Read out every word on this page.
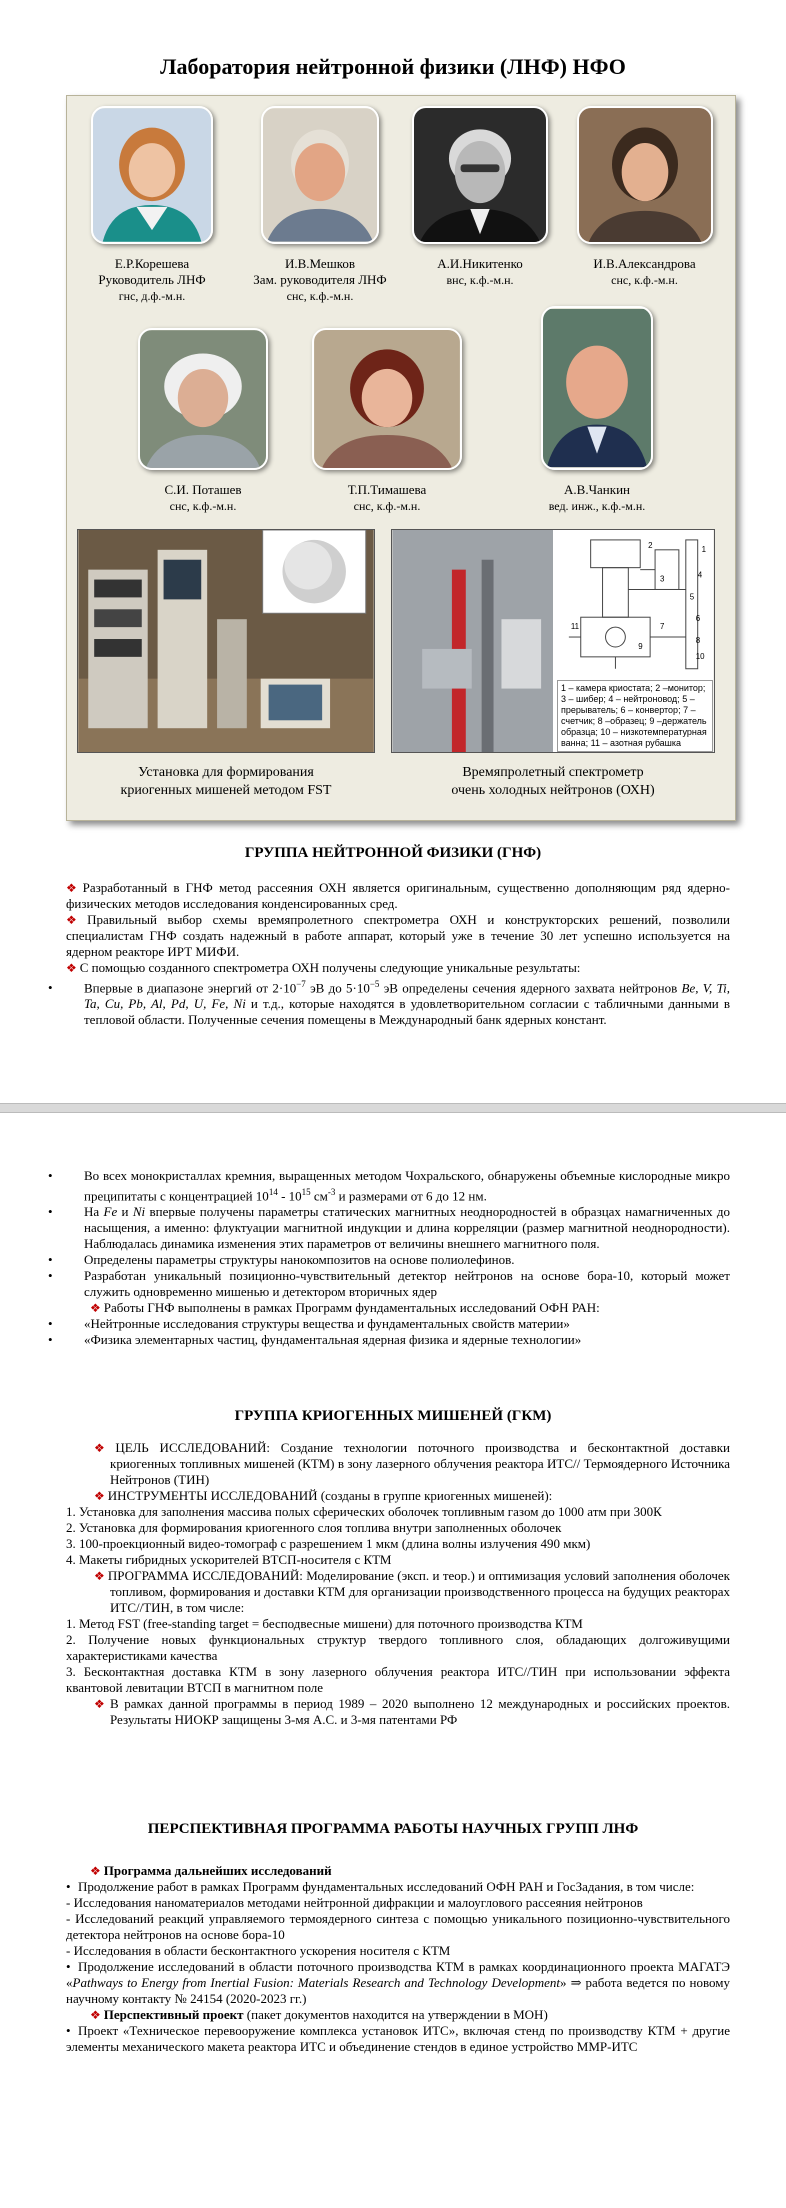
Лаборатория нейтронной физики (ЛНФ) НФО
Е.Р.Корешева
Руководитель ЛНФ
гнс, д.ф.-м.н.
И.В.Мешков
Зам. руководителя ЛНФ
снс, к.ф.-м.н.
А.И.Никитенко
внс, к.ф.-м.н.
И.В.Александрова
снс, к.ф.-м.н.
С.И. Поташев
снс, к.ф.-м.н.
Т.П.Тимашева
снс, к.ф.-м.н.
А.В.Чанкин
вед. инж., к.ф.-м.н.
1
2
3	4
5
6
7
8
9
10
11
1 – камера криостата; 2 –монитор; 3 – шибер; 4 – нейтроновод; 5 – прерыватель; 6 – конвертор; 7 – счетчик; 8 –образец; 9 –держатель образца; 10 – низкотемпературная ванна; 11 – азотная рубашка
Установка для формирования
криогенных мишеней методом FST
Времяпролетный спектрометр
очень холодных нейтронов (ОХН)
ГРУППА НЕЙТРОННОЙ ФИЗИКИ (ГНФ)

❖ Разработанный в ГНФ метод рассеяния ОХН является оригинальным, существенно дополняющим ряд ядерно-физических методов исследования конденсированных сред.

❖ Правильный выбор схемы времяпролетного спектрометра ОХН и конструкторских решений, позволили специалистам ГНФ создать надежный в работе аппарат, который уже в течение 30 лет успешно используется на ядерном реакторе ИРТ МИФИ.

❖ С помощью созданного спектрометра ОХН получены следующие уникальные результаты:

• Впервые в диапазоне энергий от $2\cdot 10^{-7}$ эВ до $5\cdot 10^{-5}$ эВ определены сечения ядерного захвата нейтронов Be, V, Ti, Ta, Cu, Pb, Al, Pd, U, Fe, Ni и т.д., которые находятся в удовлетворительном согласии с табличными данными в тепловой области. Полученные сечения помещены в Международный банк ядерных констант.

• Во всех монокристаллах кремния, выращенных методом Чохральского, обнаружены объемные кислородные микро преципитаты с концентрацией $10^{14} - 10^{15}$ $см^{-3}$ и размерами от 6 до 12 нм.

• На Fe и Ni впервые получены параметры статических магнитных неоднородностей в образцах намагниченных до насыщения, а именно: флуктуации магнитной индукции и длина корреляции (размер магнитной неоднородности). Наблюдалась динамика изменения этих параметров от величины внешнего магнитного поля.

• Определены параметры структуры нанокомпозитов на основе полиолефинов.

• Разработан уникальный позиционно-чувствительный детектор нейтронов на основе бора-10, который может служить одновременно мишенью и детектором вторичных ядер

❖ Работы ГНФ выполнены в рамках Программ фундаментальных исследований ОФН РАН:

• «Нейтронные исследования структуры вещества и фундаментальных свойств материи»

• «Физика элементарных частиц, фундаментальная ядерная физика и ядерные технологии»

ГРУППА КРИОГЕННЫХ МИШЕНЕЙ (ГКМ)

❖ ЦЕЛЬ ИССЛЕДОВАНИЙ: Создание технологии поточного производства и бесконтактной доставки криогенных топливных мишеней (КТМ) в зону лазерного облучения реактора ИТС// Термоядерного Источника Нейтронов (ТИН)

❖ ИНСТРУМЕНТЫ ИССЛЕДОВАНИЙ (созданы в группе криогенных мишеней):

1. Установка для заполнения массива полых сферических оболочек топливным газом до 1000 атм при 300К

2. Установка для формирования криогенного слоя топлива внутри заполненных оболочек

3. 100-проекционный видео-томограф с разрешением 1 мкм (длина волны излучения 490 мкм)

4. Макеты гибридных ускорителей ВТСП-носителя с КТМ

❖ ПРОГРАММА ИССЛЕДОВАНИЙ: Моделирование (эксп. и теор.) и оптимизация условий заполнения оболочек топливом, формирования и доставки КТМ для организации производственного процесса на будущих реакторах ИТС//ТИН, в том числе:

1. Метод FST (free-standing target = бесподвесные мишени) для поточного производства КТМ

2. Получение новых функциональных структур твердого топливного слоя, обладающих долгоживущими характеристиками качества

3. Бесконтактная доставка КТМ в зону лазерного облучения реактора ИТС//ТИН при использовании эффекта квантовой левитации ВТСП в магнитном поле

❖ В рамках данной программы в период 1989 – 2020 выполнено 12 международных и российских проектов. Результаты НИОКР защищены 3-мя А.С. и 3-мя патентами РФ

ПЕРСПЕКТИВНАЯ ПРОГРАММА РАБОТЫ НАУЧНЫХ ГРУПП ЛНФ

❖ Программа дальнейших исследований

• Продолжение работ в рамках Программ фундаментальных исследований ОФН РАН и ГосЗадания, в том числе:

- Исследования наноматериалов методами нейтронной дифракции и малоуглового рассеяния нейтронов

- Исследований реакций управляемого термоядерного синтеза с помощью уникального позиционно-чувствительного детектора нейтронов на основе бора-10

- Исследования в области бесконтактного ускорения носителя с КТМ

• Продолжение исследований в области поточного производства КТМ в рамках координационного проекта МАГАТЭ «Pathways to Energy from Inertial Fusion: Materials Research and Technology Development» ⇒ работа ведется по новому научному контакту № 24154 (2020-2023 гг.)

❖ Перспективный проект (пакет документов находится на утверждении в МОН)

• Проект «Техническое перевооружение комплекса установок ИТС», включая стенд по производству КТМ + другие элементы механического макета реактора ИТС и объединение стендов в единое устройство ММР-ИТС
